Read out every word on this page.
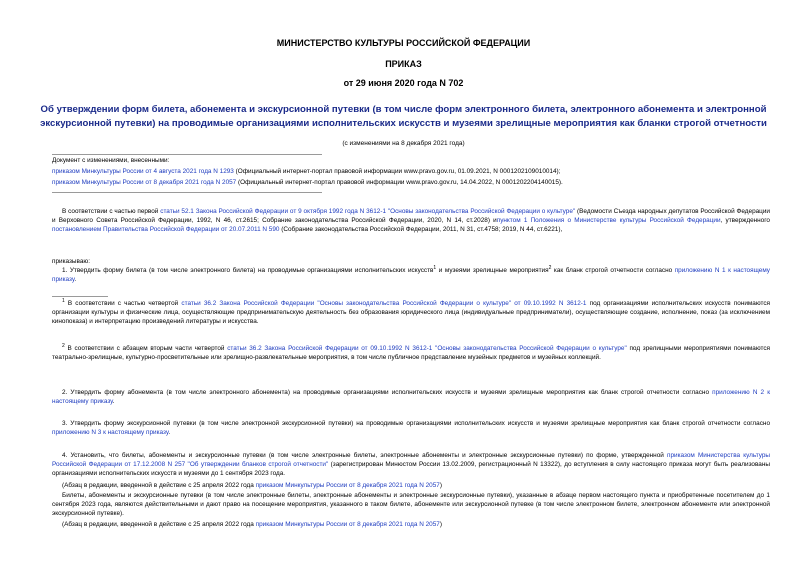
МИНИСТЕРСТВО КУЛЬТУРЫ РОССИЙСКОЙ ФЕДЕРАЦИИ
ПРИКАЗ
от 29 июня 2020 года N 702
Об утверждении форм билета, абонемента и экскурсионной путевки (в том числе форм электронного билета, электронного абонемента и электронной экскурсионной путевки) на проводимые организациями исполнительских искусств и музеями зрелищные мероприятия как бланки строгой отчетности
(с изменениями на 8 декабря 2021 года)
Документ с изменениями, внесенными:
приказом Минкультуры России от 4 августа 2021 года N 1293 (Официальный интернет-портал правовой информации www.pravo.gov.ru, 01.09.2021, N 0001202109010014);
приказом Минкультуры России от 8 декабря 2021 года N 2057 (Официальный интернет-портал правовой информации www.pravo.gov.ru, 14.04.2022, N 0001202204140015).
В соответствии с частью первой статьи 52.1 Закона Российской Федерации от 9 октября 1992 года N 3612-1 "Основы законодательства Российской Федерации о культуре" (Ведомости Съезда народных депутатов Российской Федерации и Верховного Совета Российской Федерации, 1992, N 46, ст.2615; Собрание законодательства Российской Федерации, 2020, N 14, ст.2028) ипунктом 1 Положения о Министерстве культуры Российской Федерации, утвержденного постановлением Правительства Российской Федерации от 20.07.2011 N 590 (Собрание законодательства Российской Федерации, 2011, N 31, ст.4758; 2019, N 44, ст.6221),
приказываю:
1. Утвердить форму билета (в том числе электронного билета) на проводимые организациями исполнительских искусств$^1$ и музеями зрелищные мероприятия$^2$ как бланк строгой отчетности согласно приложению N 1 к настоящему приказу.
$^1$ В соответствии с частью четвертой статьи 36.2 Закона Российской Федерации "Основы законодательства Российской Федерации о культуре" от 09.10.1992 N 3612-1 под организациями исполнительских искусств понимаются организации культуры и физические лица, осуществляющие предпринимательскую деятельность без образования юридического лица (индивидуальные предприниматели), осуществляющие создание, исполнение, показ (за исключением кинопоказа) и интерпретацию произведений литературы и искусства.
$^2$ В соответствии с абзацем вторым части четвертой статьи 36.2 Закона Российской Федерации от 09.10.1992 N 3612-1 "Основы законодательства Российской Федерации о культуре" под зрелищными мероприятиями понимаются театрально-зрелищные, культурно-просветительные или зрелищно-развлекательные мероприятия, в том числе публичное представление музейных предметов и музейных коллекций.
2. Утвердить форму абонемента (в том числе электронного абонемента) на проводимые организациями исполнительских искусств и музеями зрелищные мероприятия как бланк строгой отчетности согласно приложению N 2 к настоящему приказу.
3. Утвердить форму экскурсионной путевки (в том числе электронной экскурсионной путевки) на проводимые организациями исполнительских искусств и музеями зрелищные мероприятия как бланк строгой отчетности согласно приложению N 3 к настоящему приказу.
4. Установить, что билеты, абонементы и экскурсионные путевки (в том числе электронные билеты, электронные абонементы и электронные экскурсионные путевки) по форме, утвержденной приказом Министерства культуры Российской Федерации от 17.12.2008 N 257 "Об утверждении бланков строгой отчетности" (зарегистрирован Минюстом России 13.02.2009, регистрационный N 13322), до вступления в силу настоящего приказа могут быть реализованы организациями исполнительских искусств и музеями до 1 сентября 2023 года.
(Абзац в редакции, введенной в действие с 25 апреля 2022 года приказом Минкультуры России от 8 декабря 2021 года N 2057)
Билеты, абонементы и экскурсионные путевки (в том числе электронные билеты, электронные абонементы и электронные экскурсионные путевки), указанные в абзаце первом настоящего пункта и приобретенные посетителем до 1 сентября 2023 года, являются действительными и дают право на посещение мероприятия, указанного в таком билете, абонементе или экскурсионной путевке (в том числе электронном билете, электронном абонементе или электронной экскурсионной путевке).
(Абзац в редакции, введенной в действие с 25 апреля 2022 года приказом Минкультуры России от 8 декабря 2021 года N 2057)
